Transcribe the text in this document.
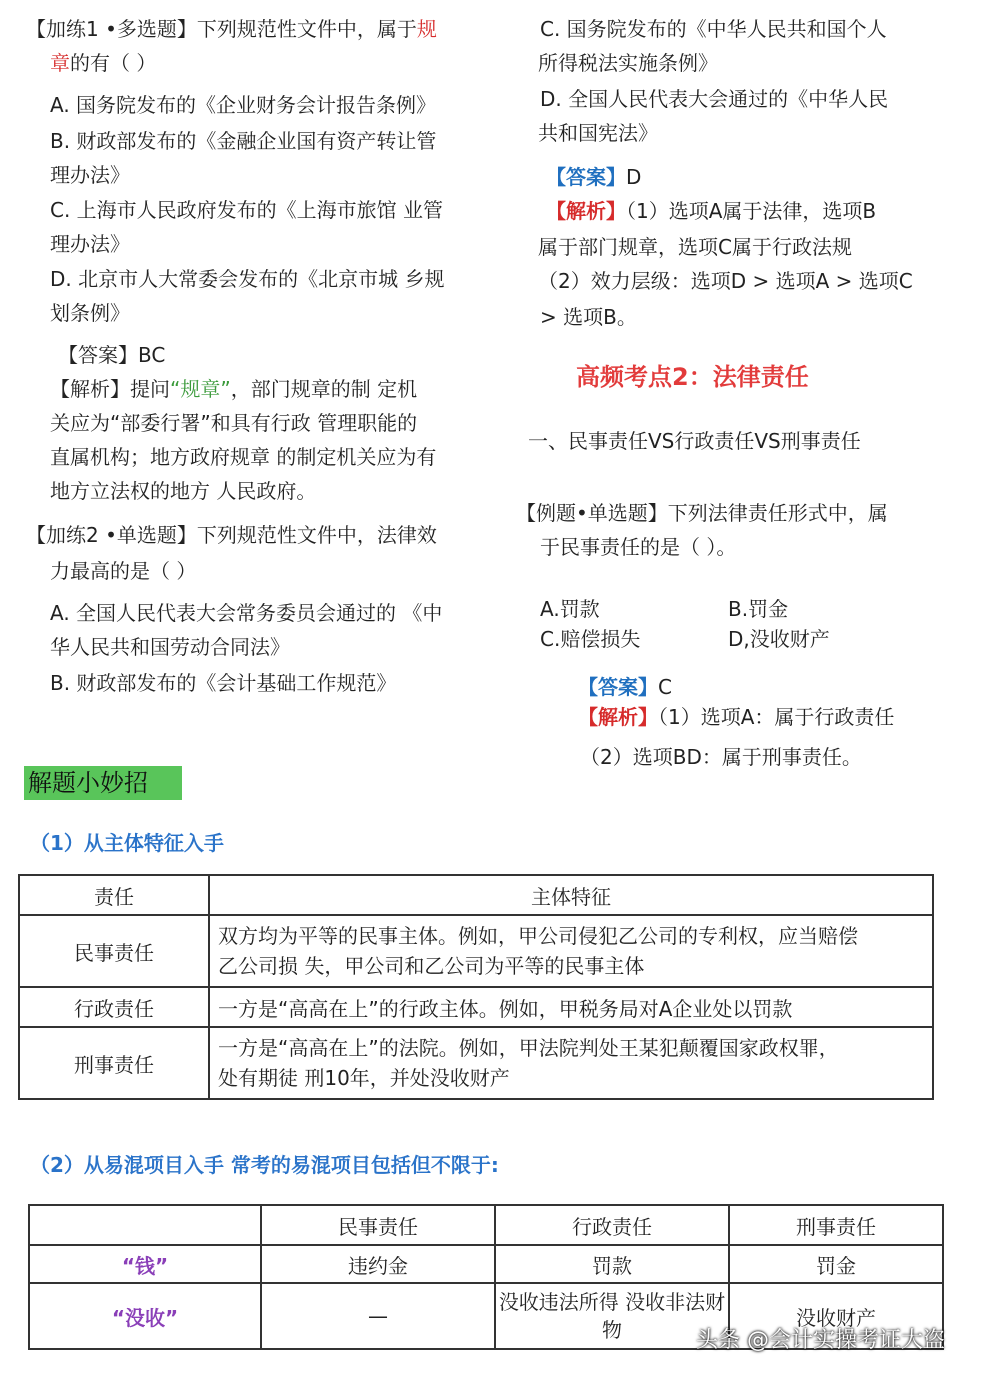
【加练1 •多选题】下列规范性文件中，属于规
章的有（ ）
A. 国务院发布的《企业财务会计报告条例》
B. 财政部发布的《金融企业国有资产转让管
理办法》
C. 上海市人民政府发布的《上海市旅馆 业管
理办法》
D. 北京市人大常委会发布的《北京市城 乡规
划条例》
【答案】BC
【解析】提问“规章”，部门规章的制 定机
关应为“部委行署”和具有行政 管理职能的
直属机构；地方政府规章 的制定机关应为有
地方立法权的地方 人民政府。
【加练2 •单选题】下列规范性文件中，法律效
力最高的是（ ）
A. 全国人民代表大会常务委员会通过的 《中
华人民共和国劳动合同法》
B. 财政部发布的《会计基础工作规范》
C. 国务院发布的《中华人民共和国个人
所得税法实施条例》
D. 全国人民代表大会通过的《中华人民
共和国宪法》
【答案】D
【解析】（1）选项A属于法律，选项B
属于部门规章，选项C属于行政法规
（2）效力层级：选项D > 选项A > 选项C
> 选项B。
高频考点2：法律责任
一、民事责任VS行政责任VS刑事责任
【例题•单选题】下列法律责任形式中，属
于民事责任的是（ ）。
A.罚款	B.罚金
C.赔偿损失	D,没收财产
【答案】C
【解析】（1）选项A：属于行政责任
（2）选项BD：属于刑事责任。
解题小妙招
（1）从主体特征入手
责任	主体特征
民事责任	双方均为平等的民事主体。例如，甲公司侵犯乙公司的专利权，应当赔偿
乙公司损 失，甲公司和乙公司为平等的民事主体

行政责任	一方是“高高在上”的行政主体。例如，甲税务局对A企业处以罚款
刑事责任	一方是“高高在上”的法院。例如，甲法院判处王某犯颠覆国家政权罪，
处有期徒 刑10年，并处没收财产
（2）从易混项目入手 常考的易混项目包括但不限于:
	民事责任	行政责任	刑事责任
“钱”	违约金	罚款	罚金
“没收”	—	没收违法所得 没收非法财物	没收财产
头条 @会计实操考证大盗
